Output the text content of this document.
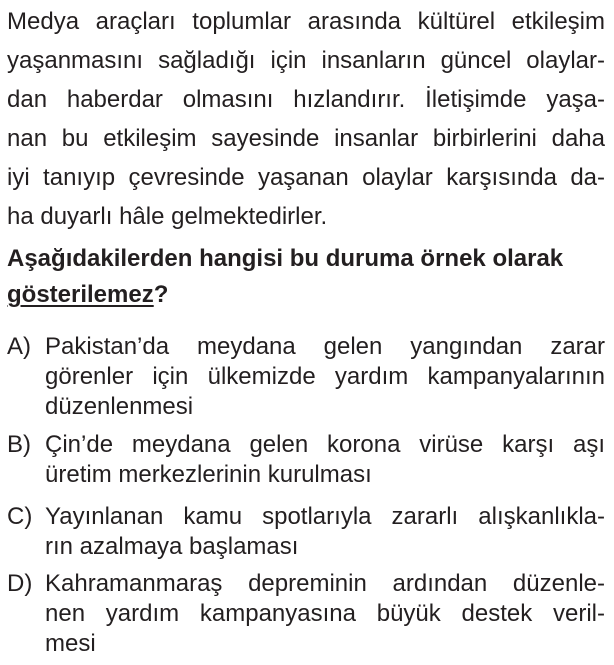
Medya araçları toplumlar arasında kültürel etkileşim
yaşanmasını sağladığı için insanların güncel olaylar-
dan haberdar olmasını hızlandırır. İletişimde yaşa-
nan bu etkileşim sayesinde insanlar birbirlerini daha
iyi tanıyıp çevresinde yaşanan olaylar karşısında da-
ha duyarlı hâle gelmektedirler.
Aşağıdakilerden hangisi bu duruma örnek olarak
gösterilemez?
A) Pakistan’da meydana gelen yangından zarar
görenler için ülkemizde yardım kampanyalarının
düzenlenmesi
B) Çin’de meydana gelen korona virüse karşı aşı
üretim merkezlerinin kurulması
C) Yayınlanan kamu spotlarıyla zararlı alışkanlıkla-
rın azalmaya başlaması
D) Kahramanmaraş depreminin ardından düzenle-
nen yardım kampanyasına büyük destek veril-
mesi
